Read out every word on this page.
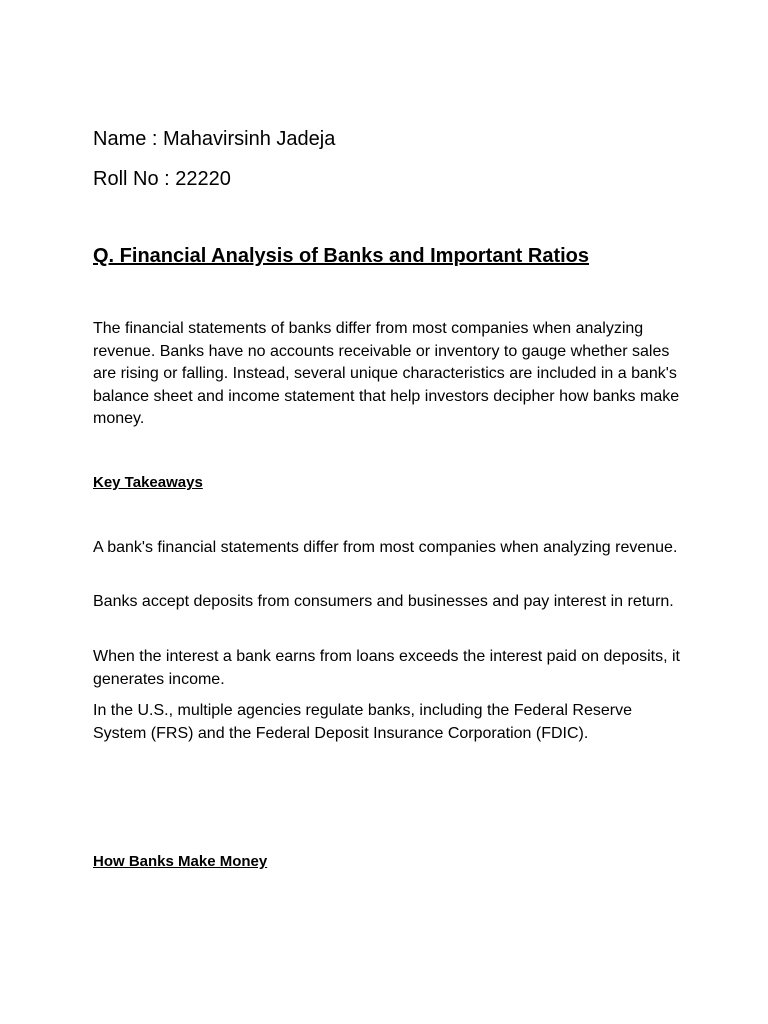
Name : Mahavirsinh Jadeja

Roll No : 22220

Q. Financial Analysis of Banks and Important Ratios

The financial statements of banks differ from most companies when analyzing revenue. Banks have no accounts receivable or inventory to gauge whether sales are rising or falling. Instead, several unique characteristics are included in a bank's balance sheet and income statement that help investors decipher how banks make money.

Key Takeaways

A bank's financial statements differ from most companies when analyzing revenue.

Banks accept deposits from consumers and businesses and pay interest in return.

When the interest a bank earns from loans exceeds the interest paid on deposits, it generates income.

In the U.S., multiple agencies regulate banks, including the Federal Reserve System (FRS) and the Federal Deposit Insurance Corporation (FDIC).

How Banks Make Money
